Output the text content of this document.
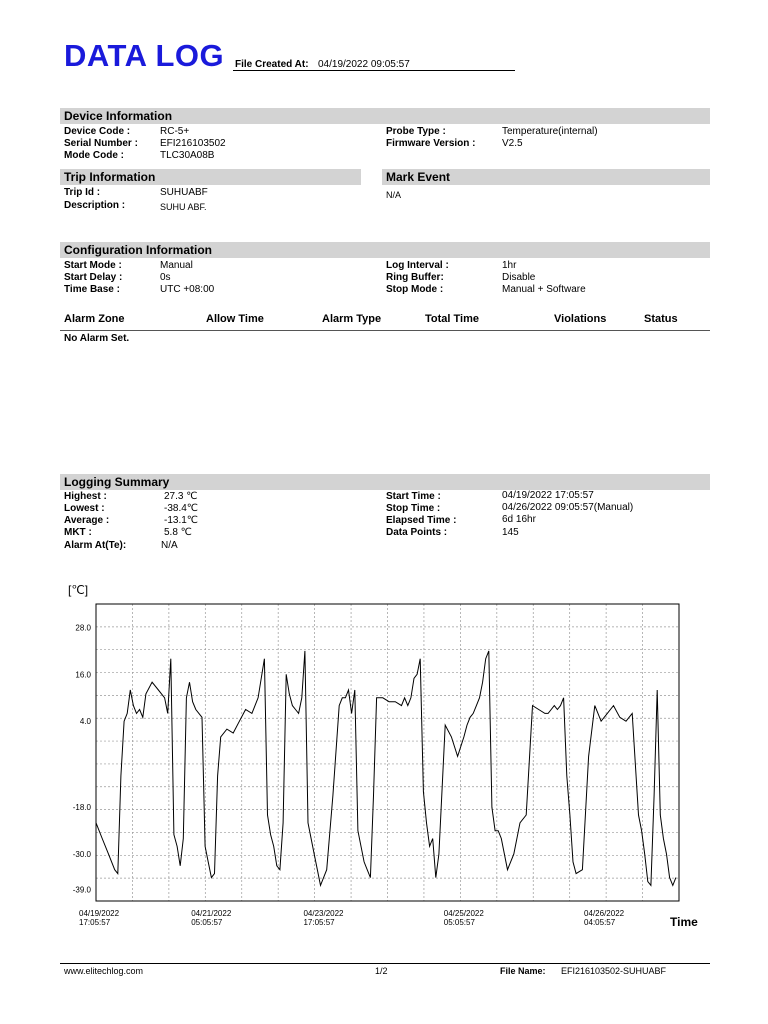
DATA LOG File Created At: 04/19/2022 09:05:57
Device Information
Device Code :	RC-5+
Serial Number : EFI216103502
Mode Code :	TLC30A08B
Probe Type :	Temperature(internal)
Firmware Version :	V2.5
Trip Information
Trip Id :	SUHUABF
Description :	SUHU ABF.
Mark Event
N/A
Configuration Information
Start Mode :	Manual
Start Delay :	0s
Time Base :	UTC +08:00
Log Interval :	1hr
Ring Buffer:	Disable
Stop Mode :	Manual + Software
Alarm Zone	Allow Time	Alarm Type	Total Time	Violations	Status
No Alarm Set.
Logging Summary
Highest :	27.3 ℃
Lowest :	-38.4℃
Average :	-13.1℃
MKT :	5.8 ℃
Alarm At(Te):	N/A
Start Time :	04/19/2022 17:05:57
Stop Time :	04/26/2022 09:05:57(Manual)
Elapsed Time :	6d 16hr
Data Points :	145
28.0
16.0
4.0
-18.0
-30.0
-39.0
04/19/2022
17:05:57
04/21/2022
05:05:57
04/23/2022
17:05:57
04/25/2022
05:05:57
04/26/2022
04:05:57
[℃]
Time
www.elitechlog.com	1/2	File Name: EFI216103502-SUHUABF
